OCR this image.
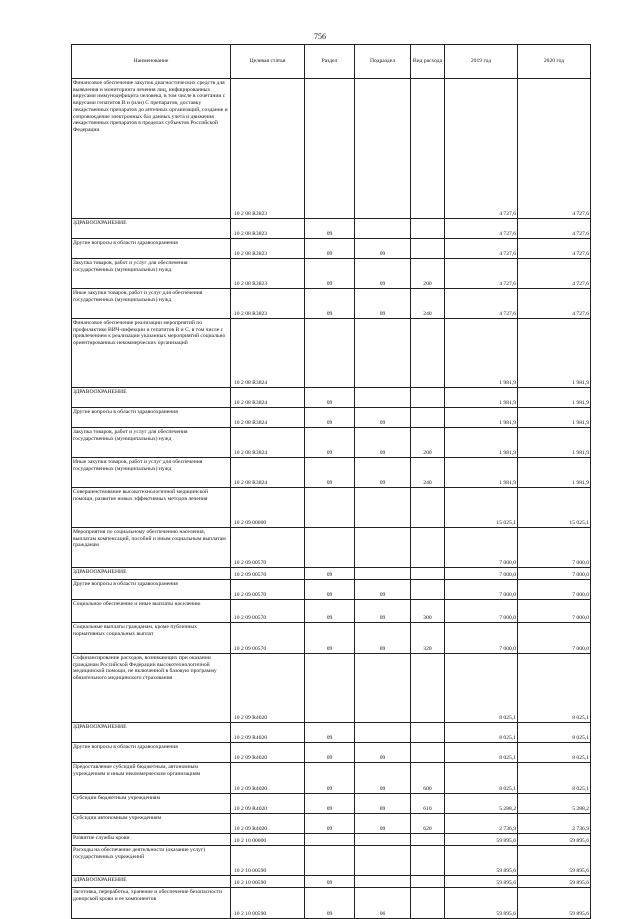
756
Наименование	Целевая статья	Раздел	Подраздел	Вид расхода	2019 год	2020 год
Финансовое обеспечение закупок диагностических средств для выявления и мониторинга лечения лиц, инфицированных вирусами иммунодефицита человека, в том числе в сочетании с вирусами гепатитов В и (или) С препаратов, доставку лекарственных препаратов до аптечных организаций, создание и сопровождение электронных баз данных учета и движения лекарственных препаратов в пределах субъектов Российской Федерации	10 2 08 R3823				4 727,6	4 727,6
ЗДРАВООХРАНЕНИЕ	10 2 08 R3823	09			4 727,6	4 727,6
Другие вопросы в области здравоохранения	10 2 08 R3823	09	09		4 727,6	4 727,6
Закупка товаров, работ и услуг для обеспечения государственных (муниципальных) нужд	10 2 08 R3823	09	09	200	4 727,6	4 727,6
Иные закупки товаров, работ и услуг для обеспечения государственных (муниципальных) нужд	10 2 08 R3823	09	09	240	4 727,6	4 727,6
Финансовое обеспечение реализации мероприятий по профилактике ВИЧ-инфекции и гепатитов В и С, в том числе с привлечением к реализации указанных мероприятий социально ориентированных некоммерческих организаций	10 2 08 R3824				1 981,9	1 981,9
ЗДРАВООХРАНЕНИЕ	10 2 08 R3824	09			1 981,9	1 981,9
Другие вопросы в области здравоохранения	10 2 08 R3824	09	09		1 981,9	1 981,9
Закупка товаров, работ и услуг для обеспечения государственных (муниципальных) нужд	10 2 08 R3824	09	09	200	1 981,9	1 981,9
Иные закупки товаров, работ и услуг для обеспечения государственных (муниципальных) нужд	10 2 08 R3824	09	09	240	1 981,9	1 981,9
Совершенствование высокотехнологичной медицинской помощи, развитие новых эффективных методов лечения	10 2 09 00000				15 025,1	15 025,1
Мероприятия по социальному обеспечению населения, выплатам компенсаций, пособий и иным социальным выплатам гражданам	10 2 09 00570				7 000,0	7 000,0
ЗДРАВООХРАНЕНИЕ	10 2 09 00570	09			7 000,0	7 000,0
Другие вопросы в области здравоохранения	10 2 09 00570	09	09		7 000,0	7 000,0
Социальное обеспечение и иные выплаты населению	10 2 09 00570	09	09	300	7 000,0	7 000,0
Социальные выплаты гражданам, кроме публичных нормативных социальных выплат	10 2 09 00570	09	09	320	7 000,0	7 000,0
Софинансирование расходов, возникающих при оказании гражданам Российской Федерации высокотехнологичной медицинской помощи, не включенной в базовую программу обязательного медицинского страхования	10 2 09 R4020				8 025,1	8 025,1
ЗДРАВООХРАНЕНИЕ	10 2 09 R4020	09			8 025,1	8 025,1
Другие вопросы в области здравоохранения	10 2 09 R4020	09	09		8 025,1	8 025,1
Предоставление субсидий бюджетным, автономным учреждениям и иным некоммерческим организациям	10 2 09 R4020	09	09	600	8 025,1	8 025,1
Субсидии бюджетным учреждениям	10 2 09 R4020	09	09	610	5 288,2	5 288,2
Субсидии автономным учреждениям	10 2 09 R4020	09	09	620	2 736,9	2 736,9
Развитие службы крови	10 2 10 00000				59 895,6	59 895,6
Расходы на обеспечение деятельности (оказание услуг) государственных учреждений	10 2 10 00590				59 895,6	59 895,6
ЗДРАВООХРАНЕНИЕ	10 2 10 00590	09			59 895,6	59 895,6
Заготовка, переработка, хранение и обеспечение безопасности донорской крови и ее компонентов	10 2 10 00590	09	06		59 895,6	59 895,6
